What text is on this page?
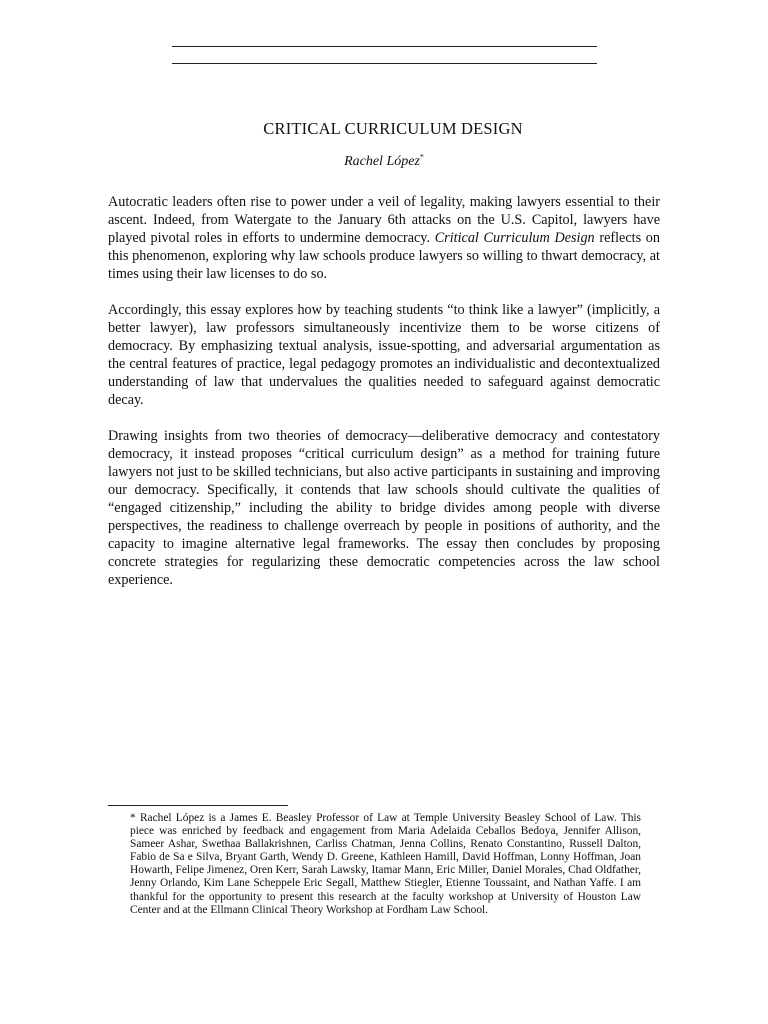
CRITICAL CURRICULUM DESIGN

Rachel López*

Autocratic leaders often rise to power under a veil of legality, making lawyers essential to their ascent. Indeed, from Watergate to the January 6th attacks on the U.S. Capitol, lawyers have played pivotal roles in efforts to undermine democracy. Critical Curriculum Design reflects on this phenomenon, exploring why law schools produce lawyers so willing to thwart democracy, at times using their law licenses to do so.

Accordingly, this essay explores how by teaching students “to think like a lawyer” (implicitly, a better lawyer), law professors simultaneously incentivize them to be worse citizens of democracy. By emphasizing textual analysis, issue-spotting, and adversarial argumentation as the central features of practice, legal pedagogy promotes an individualistic and decontextualized understanding of law that undervalues the qualities needed to safeguard against democratic decay.

Drawing insights from two theories of democracy—deliberative democracy and contestatory democracy, it instead proposes “critical curriculum design” as a method for training future lawyers not just to be skilled technicians, but also active participants in sustaining and improving our democracy. Specifically, it contends that law schools should cultivate the qualities of “engaged citizenship,” including the ability to bridge divides among people with diverse perspectives, the readiness to challenge overreach by people in positions of authority, and the capacity to imagine alternative legal frameworks. The essay then concludes by proposing concrete strategies for regularizing these democratic competencies across the law school experience.

* Rachel López is a James E. Beasley Professor of Law at Temple University Beasley School of Law. This piece was enriched by feedback and engagement from Maria Adelaida Ceballos Bedoya, Jennifer Allison, Sameer Ashar, Swethaa Ballakrishnen, Carliss Chatman, Jenna Collins, Renato Constantino, Russell Dalton, Fabio de Sa e Silva, Bryant Garth, Wendy D. Greene, Kathleen Hamill, David Hoffman, Lonny Hoffman, Joan Howarth, Felipe Jimenez, Oren Kerr, Sarah Lawsky, Itamar Mann, Eric Miller, Daniel Morales, Chad Oldfather, Jenny Orlando, Kim Lane Scheppele Eric Segall, Matthew Stiegler, Etienne Toussaint, and Nathan Yaffe. I am thankful for the opportunity to present this research at the faculty workshop at University of Houston Law Center and at the Ellmann Clinical Theory Workshop at Fordham Law School.
